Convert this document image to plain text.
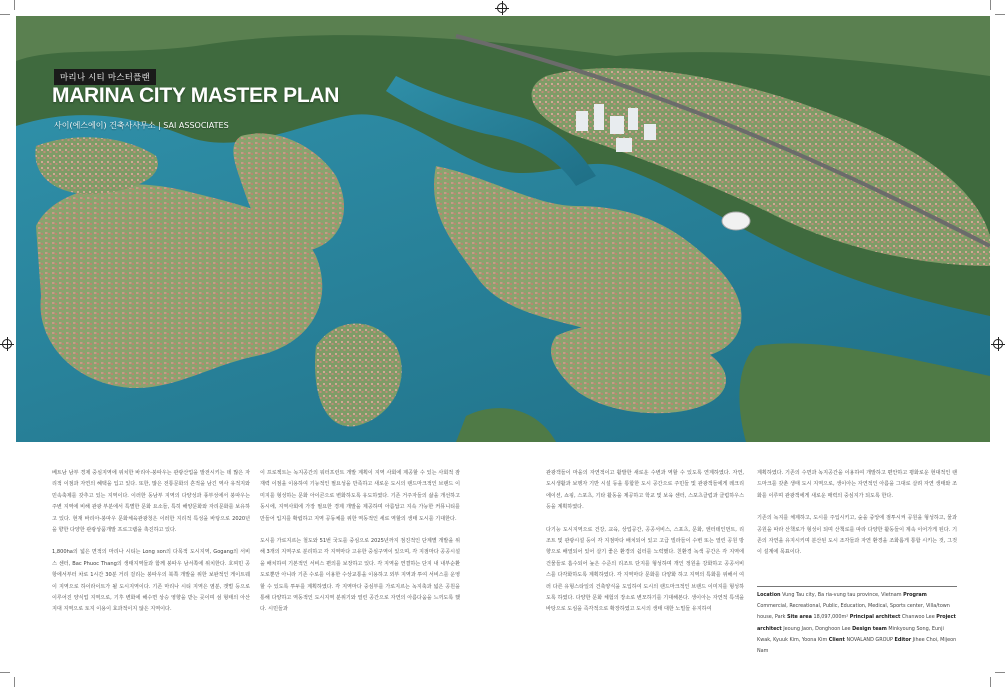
마리나 시티 마스터플랜
MARINA CITY MASTER PLAN
사이(에스에이) 건축사사무소 | SAI ASSOCIATES

베트남 남부 경제 중심지역에 위치한 바리아-붕따우는 관광산업을 발전시키는 데 많은 자리적 이점과 자연의 혜택을 입고 있다. 또한, 많은 전통문화의 흔적을 남긴 역사 유적지와 민속축제를 갖추고 있는 지역이다. 이러한 동남부 지역의 다양성과 풍부성에서 붕따우는 주변 지역에 비해 관광 부분에서 특별한 문화 요소들, 특히 해양문화와 자리문화를 보유하고 있다. 현재 바리아-붕따우 문화체육관광청은 이러한 지리적 특성을 바탕으로 2020년을 향한 다양한 관광상품개발 프로그램을 촉진하고 있다.

1,800ha의 넓은 면적의 마리나 시티는 Long son의 다목적 도시지역, Gogang의 서비스 센터, Bac Phuoc Thang의 생태지역들과 함께 붕따우 남서쪽에 위치한다. 호찌민 공항에서부터 차로 1시간 30분 거리 걸리는 붕따우의 북쪽 개발을 위한 보완적인 게이트웨이 지역으로 하이라이트가 될 도시지역이다. 기존 마리나 시티 지역은 염분, 갯벌 등으로 이루어진 양식업 지역으로, 기후 변화에 해수면 상승 영향을 받는 곳이며 섬 형태의 아산지대 지역으로 토지 이용이 효과적이지 않은 지역이다.

이 프로젝트는 녹지공간의 워터프런트 개발 계획이 지역 사회에 제공할 수 있는 사회적 잠재력 이점을 이용하여 기능적인 필요성을 만족하고 새로운 도시의 랜드마크적인 브랜드 이미지를 형성하는 문화 아이콘으로 변화하도록 유도하였다. 기존 거주자들의 삶을 개선하고 동시에, 지역사회에 가장 필요한 경제 개발을 제공하며 아름답고 지속 가능한 커뮤니티를 만들어 입지를 확립하고 지역 공동체를 위한 역동적인 세로 역할의 생태 도시를 기대한다.

도시를 가로지르는 철도와 51번 국도를 중심으로 2025년까지 점진적인 단계별 개발을 위해 3개의 지역구로 분리하고 각 지역마다 고유한 중심구역이 있으며, 각 지점마다 공공시설을 배치하여 기본적인 서비스 편의를 보장하고 있다. 각 지역을 연결하는 단지 내 내부순환도로뿐만 아니라 기존 수로를 이용한 수상교통을 이용하고 외부 지역과 투여 서비스를 운영할 수 있도록 투두를 계획하였다. 각 지역마다 중심부를 가로지르는 녹지축과 넓은 공원을 통해 다양하고 역동적인 도시지역 분위기와 열린 공간으로 자연의 아름다움을 느끼도록 했다. 시민들과

관광객들이 마을의 자연적이고 활발한 새로운 수변과 역할 수 있도록 연계하였다. 자연, 도시생활과 보행자 기반 시설 등을 통합한 도시 공간으로 주민들 및 관광객들에게 레크리에이션, 쇼핑, 스포츠, 기타 활동을 제공하고 학교 및 보육 센터, 스포츠클럽과 클럽하우스 등을 계획하였다.

다기능 도시지역으로 건강, 교육, 상업공간, 공공서비스, 스포츠, 문화, 엔터테인먼트, 리조트 및 관광시설 등이 각 지점마다 배치되어 있고 고급 빌라들이 수변 또는 열린 공원 방향으로 배열되어 있어 살기 좋은 환경의 쉼터를 노력했다. 친환경 녹색 공간은 각 지역에 건물들로 흡수되어 높은 수준의 리조트 단지를 형성하며 개인 정원을 강화하고 공공서비스를 다각화하도록 계획하였다. 각 지역마다 문화를 다양화 하고 지역의 특화를 위해서 여러 다른 유형스타일의 건축양식을 도입하여 도시의 랜드마크적인 브랜드 이미지를 형성하도록 하였다. 다양한 문화 체험의 장소로 변모하기를 기대해본다. 생이아는 자연적 특색을 바탕으로 도심을 즉각적으로 확장하였고 도시의 생태 대한 노밀들 유지하여

계획하였다. 기존의 수면과 녹지공간을 이용하여 개발하고 편안하고 평화로운 현대적인 랜드마크를 갖춘 생태 도시 지역으로, 생이아는 자연적인 아름을 그대로 살려 자연 생태와 조화를 이루며 관광객에게 새로운 매력의 중심지가 되도록 한다.

기존의 녹지를 체제하고, 도시를 주입시키고, 숲을 중앙에 점투시켜 공원을 형성하고, 물과 공원을 따라 산책로가 형성이 되며 산책로를 따라 다양한 활동들이 계속 이어가게 된다. 기존의 자연을 유지시키며 분산된 도시 조각들과 자연 환경을 조화롭게 통합 시키는 것, 그것이 설계에 목표이다.

Location Vung Tau city, Ba ria-vung tau province, Vietnam Program Commercial, Recreational, Public, Education, Medical, Sports center, Villa/town house, Park Site area 18,097,000m² Principal architect Chanwoo Lee Project architect Jeoung Jaon, Donghoon Lee Design team Minkyoung Song, Eunji Kwak, Kyuuk Kim, Yoona Kim Client NOVALAND GROUP Editor Jihee Choi, Mijeon Nam
